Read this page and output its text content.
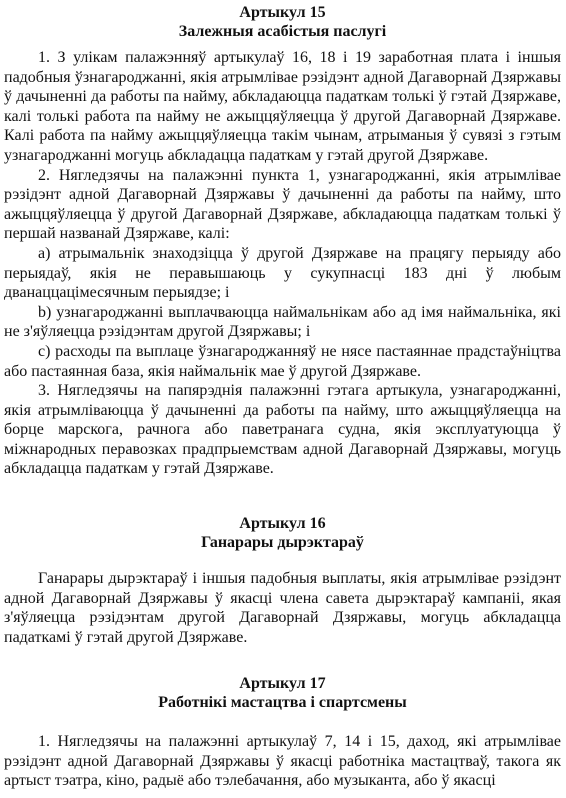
Артыкул 15
Залежныя асабістыя паслугі

1. З улікам палажэнняў артыкулаў 16, 18 і 19 заработная плата і іншыя падобныя ўзнагароджанні, якія атрымлівае рэзідэнт адной Дагаворнай Дзяржавы ў дачыненні да работы па найму, абкладаюцца падаткам толькі ў гэтай Дзяржаве, калі толькі работа па найму не ажыццяўляецца ў другой Дагаворнай Дзяржаве. Калі работа па найму ажыццяўляецца такім чынам, атрыманыя ў сувязі з гэтым узнагароджанні могуць абкладацца падаткам у гэтай другой Дзяржаве.

2. Нягледзячы на палажэнні пункта 1, узнагароджанні, якія атрымлівае рэзідэнт адной Дагаворнай Дзяржавы ў дачыненні да работы па найму, што ажыццяўляецца ў другой Дагаворнай Дзяржаве, абкладаюцца падаткам толькі ў першай названай Дзяржаве, калі:

a) атрымальнік знаходзіцца ў другой Дзяржаве на працягу перыяду або перыядаў, якія не перавышаюць у сукупнасці 183 дні ў любым дванаццацімесячным перыядзе; і

b) узнагароджанні выплачваюцца наймальнікам або ад імя наймальніка, які не з'яўляецца рэзідэнтам другой Дзяржавы; і

c) расходы па выплаце ўзнагароджанняў не нясе пастаяннае прадстаўніцтва або пастаянная база, якія наймальнік мае ў другой Дзяржаве.

3. Нягледзячы на папярэднія палажэнні гэтага артыкула, узнагароджанні, якія атрымліваюцца ў дачыненні да работы па найму, што ажыццяўляецца на борце марскога, рачнога або паветранага судна, якія эксплуатуюцца ў міжнародных перавозках прадпрыемствам адной Дагаворнай Дзяржавы, могуць абкладацца падаткам у гэтай Дзяржаве.

Артыкул 16
Ганарары дырэктараў

Ганарары дырэктараў і іншыя падобныя выплаты, якія атрымлівае рэзідэнт адной Дагаворнай Дзяржавы ў якасці члена савета дырэктараў кампаніі, якая з'яўляецца рэзідэнтам другой Дагаворнай Дзяржавы, могуць абкладацца падаткамі ў гэтай другой Дзяржаве.

Артыкул 17
Работнікі мастацтва і спартсмены

1. Нягледзячы на палажэнні артыкулаў 7, 14 і 15, даход, які атрымлівае рэзідэнт адной Дагаворнай Дзяржавы ў якасці работніка мастацтваў, такога як артыст тэатра, кіно, радыё або тэлебачання, або музыканта, або ў якасці
